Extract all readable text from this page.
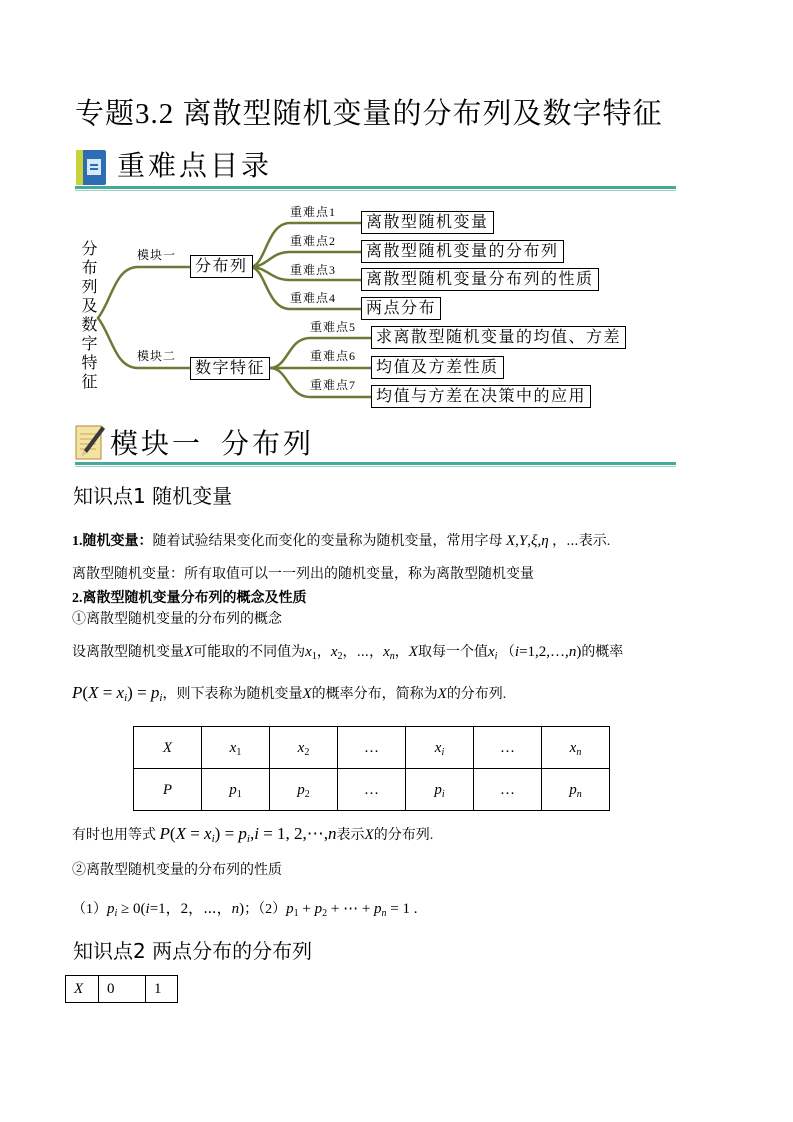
专题3.2 离散型随机变量的分布列及数字特征
重难点目录
分布列及数字特征	模块一
分布列
模块二
数字特征
重难点1
离散型随机变量
重难点2
离散型随机变量的分布列
重难点3
离散型随机变量分布列的性质
重难点4
两点分布
重难点5
求离散型随机变量的均值、方差
重难点6
均值及方差性质
重难点7
均值与方差在决策中的应用
模块一 分布列
知识点1 随机变量
1.随机变量：随着试验结果变化而变化的变量称为随机变量，常用字母 X,Y,ξ,η ，⋯表示.
离散型随机变量：所有取值可以一一列出的随机变量，称为离散型随机变量
2.离散型随机变量分布列的概念及性质
①离散型随机变量的分布列的概念
设离散型随机变量X可能取的不同值为$x_1$，$x_2$，⋯，$x_n$，X取每一个值$x_i$ （i=1,2,…,n)的概率
$P(X = x_i) = p_i$，则下表称为随机变量X的概率分布，简称为X的分布列.
X	$x_1$	$x_2$	…	$x_i$	…	$x_n$
P	$p_1$	$p_2$	…	$p_i$	…	$p_n$
有时也用等式 $P(X = x_i) = p_i,i = 1$, 2,⋯,n表示X的分布列.
②离散型随机变量的分布列的性质
$(1)p_i \ge 0(i=1$，2，⋯，n)；$(2)p_1 + p_2$ + ⋯ + $p_n = 1$ .
知识点2 两点分布的分布列
X	0	1
